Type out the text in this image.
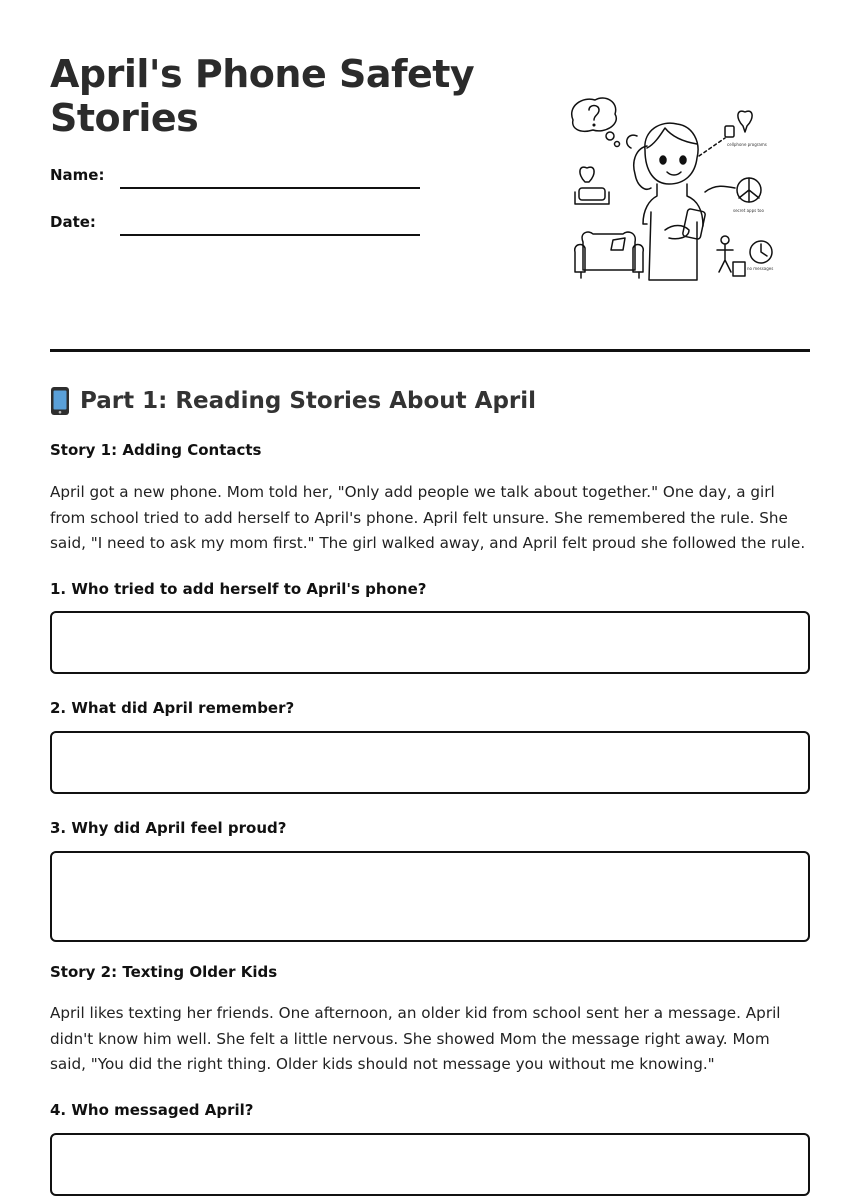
April's Phone Safety Stories
Name:
Date:
cellphone programs
secret apps too
no messages
Part 1: Reading Stories About April
Story 1: Adding Contacts
April got a new phone. Mom told her, "Only add people we talk about together." One day, a girl from school tried to add herself to April's phone. April felt unsure. She remembered the rule. She said, "I need to ask my mom first." The girl walked away, and April felt proud she followed the rule.
1. Who tried to add herself to April's phone?
2. What did April remember?
3. Why did April feel proud?
Story 2: Texting Older Kids
April likes texting her friends. One afternoon, an older kid from school sent her a message. April didn't know him well. She felt a little nervous. She showed Mom the message right away. Mom said, "You did the right thing. Older kids should not message you without me knowing."
4. Who messaged April?
